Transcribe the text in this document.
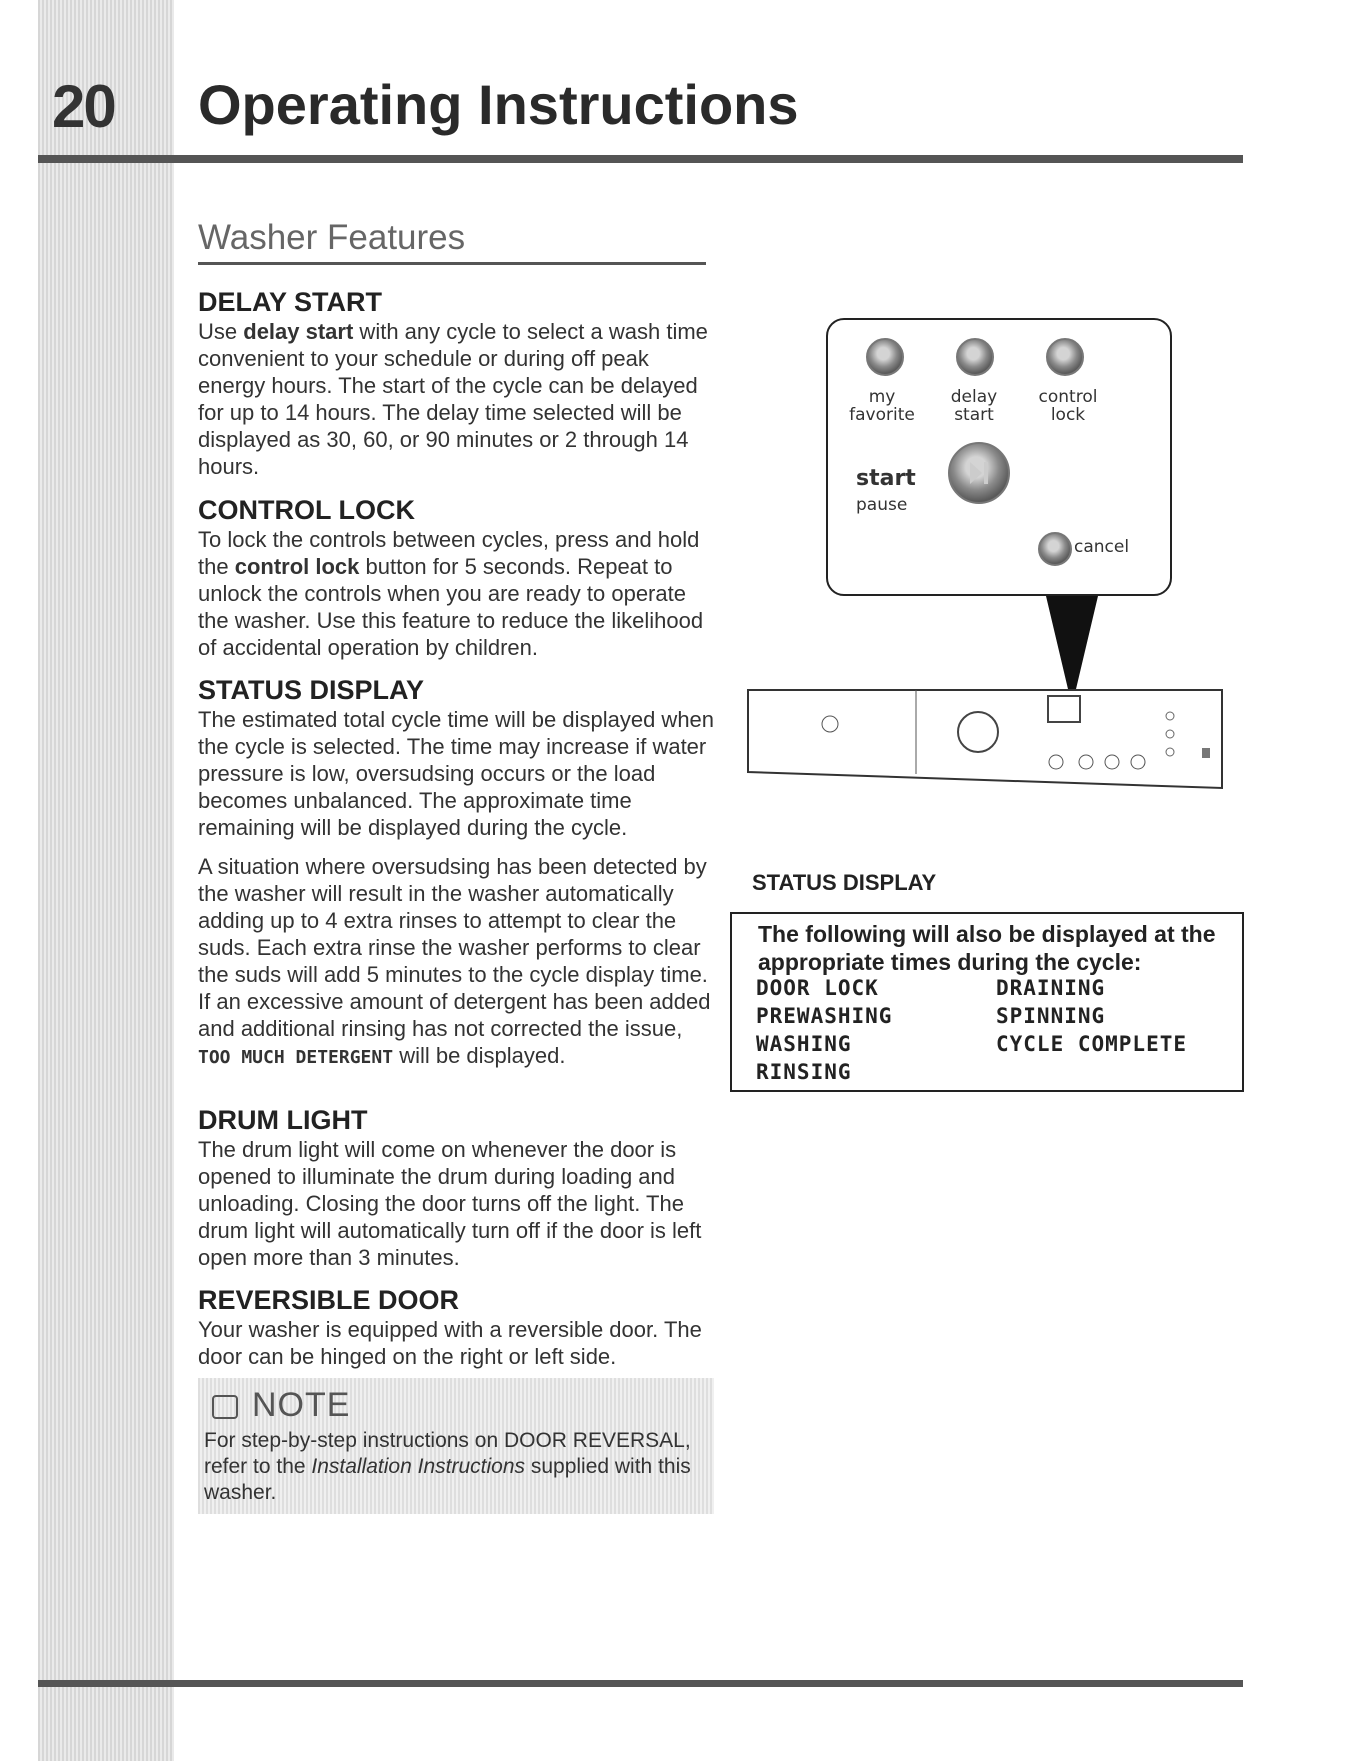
20 Operating Instructions
Washer Features
DELAY START

Use delay start with any cycle to select a wash time convenient to your schedule or during off peak energy hours. The start of the cycle can be delayed for up to 14 hours. The delay time selected will be displayed as 30, 60, or 90 minutes or 2 through 14 hours.

CONTROL LOCK

To lock the controls between cycles, press and hold the control lock button for 5 seconds. Repeat to unlock the controls when you are ready to operate the washer. Use this feature to reduce the likelihood of accidental operation by children.

STATUS DISPLAY

The estimated total cycle time will be displayed when the cycle is selected. The time may increase if water pressure is low, oversudsing occurs or the load becomes unbalanced. The approximate time remaining will be displayed during the cycle.

A situation where oversudsing has been detected by the washer will result in the washer automatically adding up to 4 extra rinses to attempt to clear the suds. Each extra rinse the washer performs to clear the suds will add 5 minutes to the cycle display time. If an excessive amount of detergent has been added and additional rinsing has not corrected the issue, TOO MUCH DETERGENT will be displayed.

DRUM LIGHT

The drum light will come on whenever the door is opened to illuminate the drum during loading and unloading. Closing the door turns off the light. The drum light will automatically turn off if the door is left open more than 3 minutes.

REVERSIBLE DOOR

Your washer is equipped with a reversible door. The door can be hinged on the right or left side.

NOTE
For step-by-step instructions on DOOR REVERSAL, refer to the Installation Instructions supplied with this washer.
my
favorite
delay
start
control
lock
start
pause
cancel
STATUS DISPLAY
The following will also be displayed at the appropriate times during the cycle:
DOOR LOCK	DRAINING
PREWASHING	SPINNING
WASHING	CYCLE COMPLETE
RINSING
